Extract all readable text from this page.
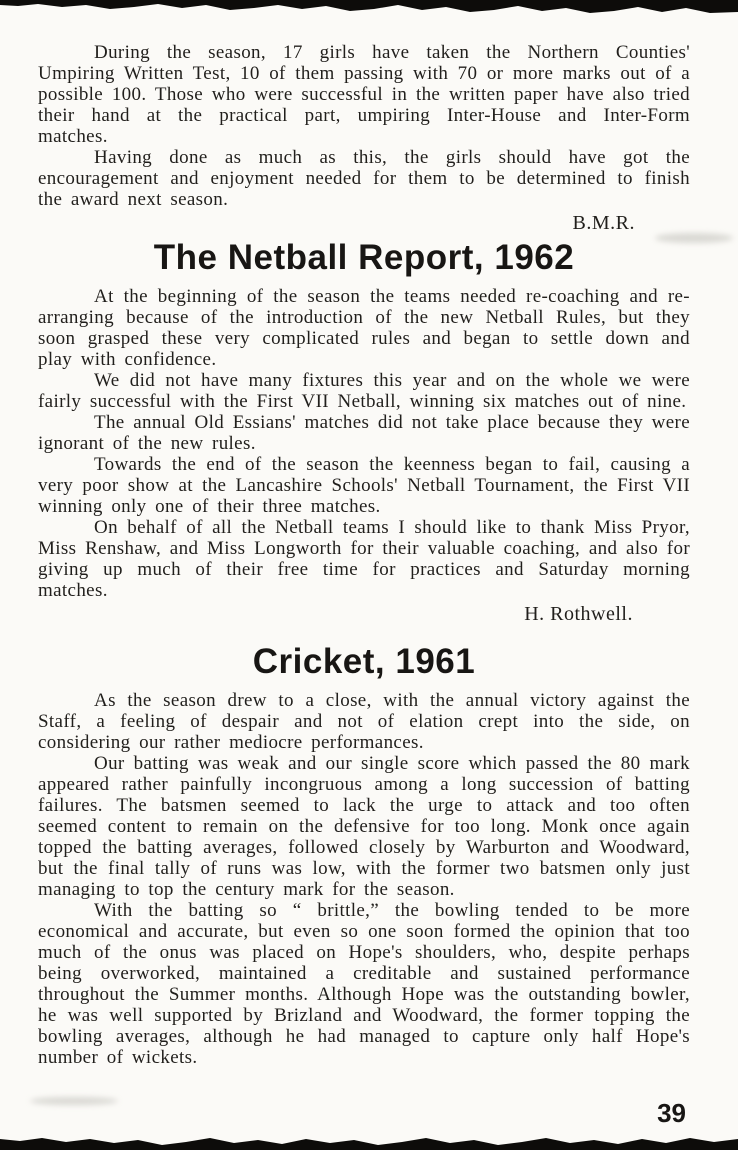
During the season, 17 girls have taken the Northern Counties' Umpiring Written Test, 10 of them passing with 70 or more marks out of a possible 100. Those who were successful in the written paper have also tried their hand at the practical part, umpiring Inter-House and Inter-Form matches.

Having done as much as this, the girls should have got the encouragement and enjoyment needed for them to be determined to finish the award next season.

B.M.R.

The Netball Report, 1962

At the beginning of the season the teams needed re-coaching and re-arranging because of the introduction of the new Netball Rules, but they soon grasped these very complicated rules and began to settle down and play with confidence.

We did not have many fixtures this year and on the whole we were fairly successful with the First VII Netball, winning six matches out of nine.

The annual Old Essians' matches did not take place because they were ignorant of the new rules.

Towards the end of the season the keenness began to fail, causing a very poor show at the Lancashire Schools' Netball Tournament, the First VII winning only one of their three matches.

On behalf of all the Netball teams I should like to thank Miss Pryor, Miss Renshaw, and Miss Longworth for their valuable coaching, and also for giving up much of their free time for practices and Saturday morning matches.

H. Rothwell.

Cricket, 1961

As the season drew to a close, with the annual victory against the Staff, a feeling of despair and not of elation crept into the side, on considering our rather mediocre performances.

Our batting was weak and our single score which passed the 80 mark appeared rather painfully incongruous among a long succession of batting failures. The batsmen seemed to lack the urge to attack and too often seemed content to remain on the defensive for too long. Monk once again topped the batting averages, followed closely by Warburton and Woodward, but the final tally of runs was low, with the former two batsmen only just managing to top the century mark for the season.

With the batting so “ brittle,” the bowling tended to be more economical and accurate, but even so one soon formed the opinion that too much of the onus was placed on Hope's shoulders, who, despite perhaps being overworked, maintained a creditable and sustained performance throughout the Summer months. Although Hope was the outstanding bowler, he was well supported by Brizland and Woodward, the former topping the bowling averages, although he had managed to capture only half Hope's number of wickets.

39
